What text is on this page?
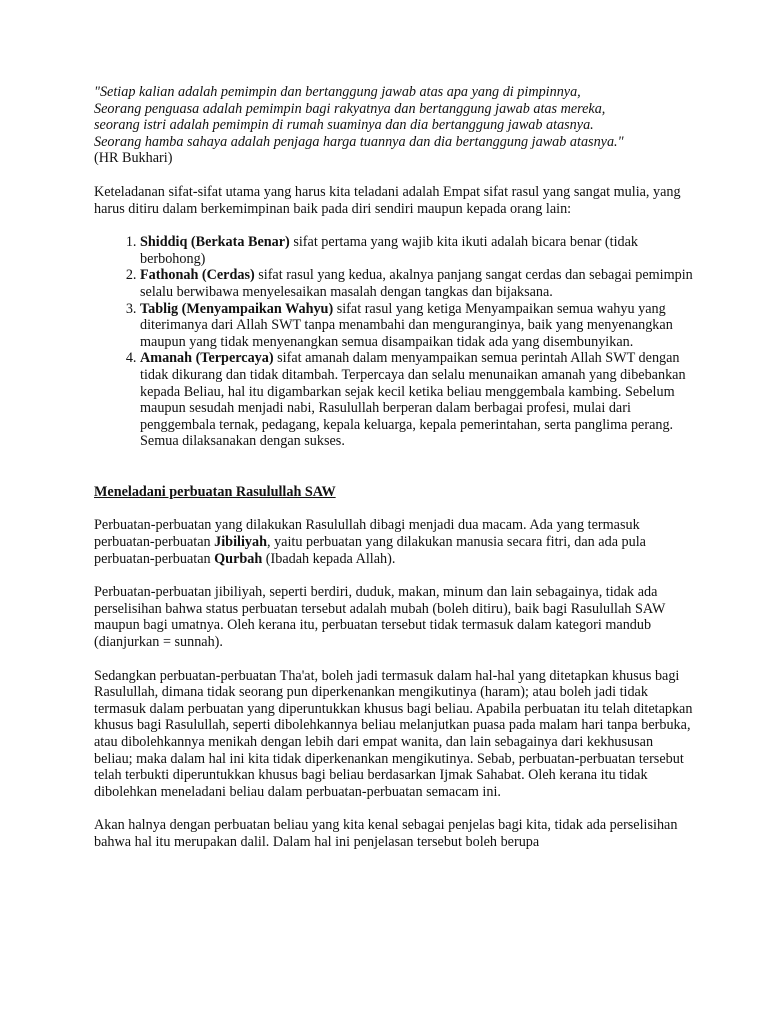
"Setiap kalian adalah pemimpin dan bertanggung jawab atas apa yang di pimpinnya,
Seorang penguasa adalah pemimpin bagi rakyatnya dan bertanggung jawab atas mereka,
seorang istri adalah pemimpin di rumah suaminya dan dia bertanggung jawab atasnya.
Seorang hamba sahaya adalah penjaga harga tuannya dan dia bertanggung jawab atasnya."
(HR Bukhari)

Keteladanan sifat-sifat utama yang harus kita teladani adalah Empat sifat rasul yang sangat mulia, yang harus ditiru dalam berkemimpinan baik pada diri sendiri maupun kepada orang lain:

1. Shiddiq (Berkata Benar) sifat pertama yang wajib kita ikuti adalah bicara benar (tidak berbohong)
2. Fathonah (Cerdas) sifat rasul yang kedua, akalnya panjang sangat cerdas dan sebagai pemimpin selalu berwibawa menyelesaikan masalah dengan tangkas dan bijaksana.
3. Tablig (Menyampaikan Wahyu) sifat rasul yang ketiga Menyampaikan semua wahyu yang diterimanya dari Allah SWT tanpa menambahi dan menguranginya, baik yang menyenangkan maupun yang tidak menyenangkan semua disampaikan tidak ada yang disembunyikan.
4. Amanah (Terpercaya) sifat amanah dalam menyampaikan semua perintah Allah SWT dengan tidak dikurang dan tidak ditambah. Terpercaya dan selalu menunaikan amanah yang dibebankan kepada Beliau, hal itu digambarkan sejak kecil ketika beliau menggembala kambing. Sebelum maupun sesudah menjadi nabi, Rasulullah berperan dalam berbagai profesi, mulai dari penggembala ternak, pedagang, kepala keluarga, kepala pemerintahan, serta panglima perang. Semua dilaksanakan dengan sukses.
Meneladani perbuatan Rasulullah SAW

Perbuatan-perbuatan yang dilakukan Rasulullah dibagi menjadi dua macam. Ada yang termasuk perbuatan-perbuatan Jibiliyah, yaitu perbuatan yang dilakukan manusia secara fitri, dan ada pula perbuatan-perbuatan Qurbah (Ibadah kepada Allah).

Perbuatan-perbuatan jibiliyah, seperti berdiri, duduk, makan, minum dan lain sebagainya, tidak ada perselisihan bahwa status perbuatan tersebut adalah mubah (boleh ditiru), baik bagi Rasulullah SAW maupun bagi umatnya. Oleh kerana itu, perbuatan tersebut tidak termasuk dalam kategori mandub (dianjurkan = sunnah).

Sedangkan perbuatan-perbuatan Tha'at, boleh jadi termasuk dalam hal-hal yang ditetapkan khusus bagi Rasulullah, dimana tidak seorang pun diperkenankan mengikutinya (haram); atau boleh jadi tidak termasuk dalam perbuatan yang diperuntukkan khusus bagi beliau. Apabila perbuatan itu telah ditetapkan khusus bagi Rasulullah, seperti dibolehkannya beliau melanjutkan puasa pada malam hari tanpa berbuka, atau dibolehkannya menikah dengan lebih dari empat wanita, dan lain sebagainya dari kekhususan beliau; maka dalam hal ini kita tidak diperkenankan mengikutinya. Sebab, perbuatan-perbuatan tersebut telah terbukti diperuntukkan khusus bagi beliau berdasarkan Ijmak Sahabat. Oleh kerana itu tidak dibolehkan meneladani beliau dalam perbuatan-perbuatan semacam ini.

Akan halnya dengan perbuatan beliau yang kita kenal sebagai penjelas bagi kita, tidak ada perselisihan bahwa hal itu merupakan dalil. Dalam hal ini penjelasan tersebut boleh berupa
